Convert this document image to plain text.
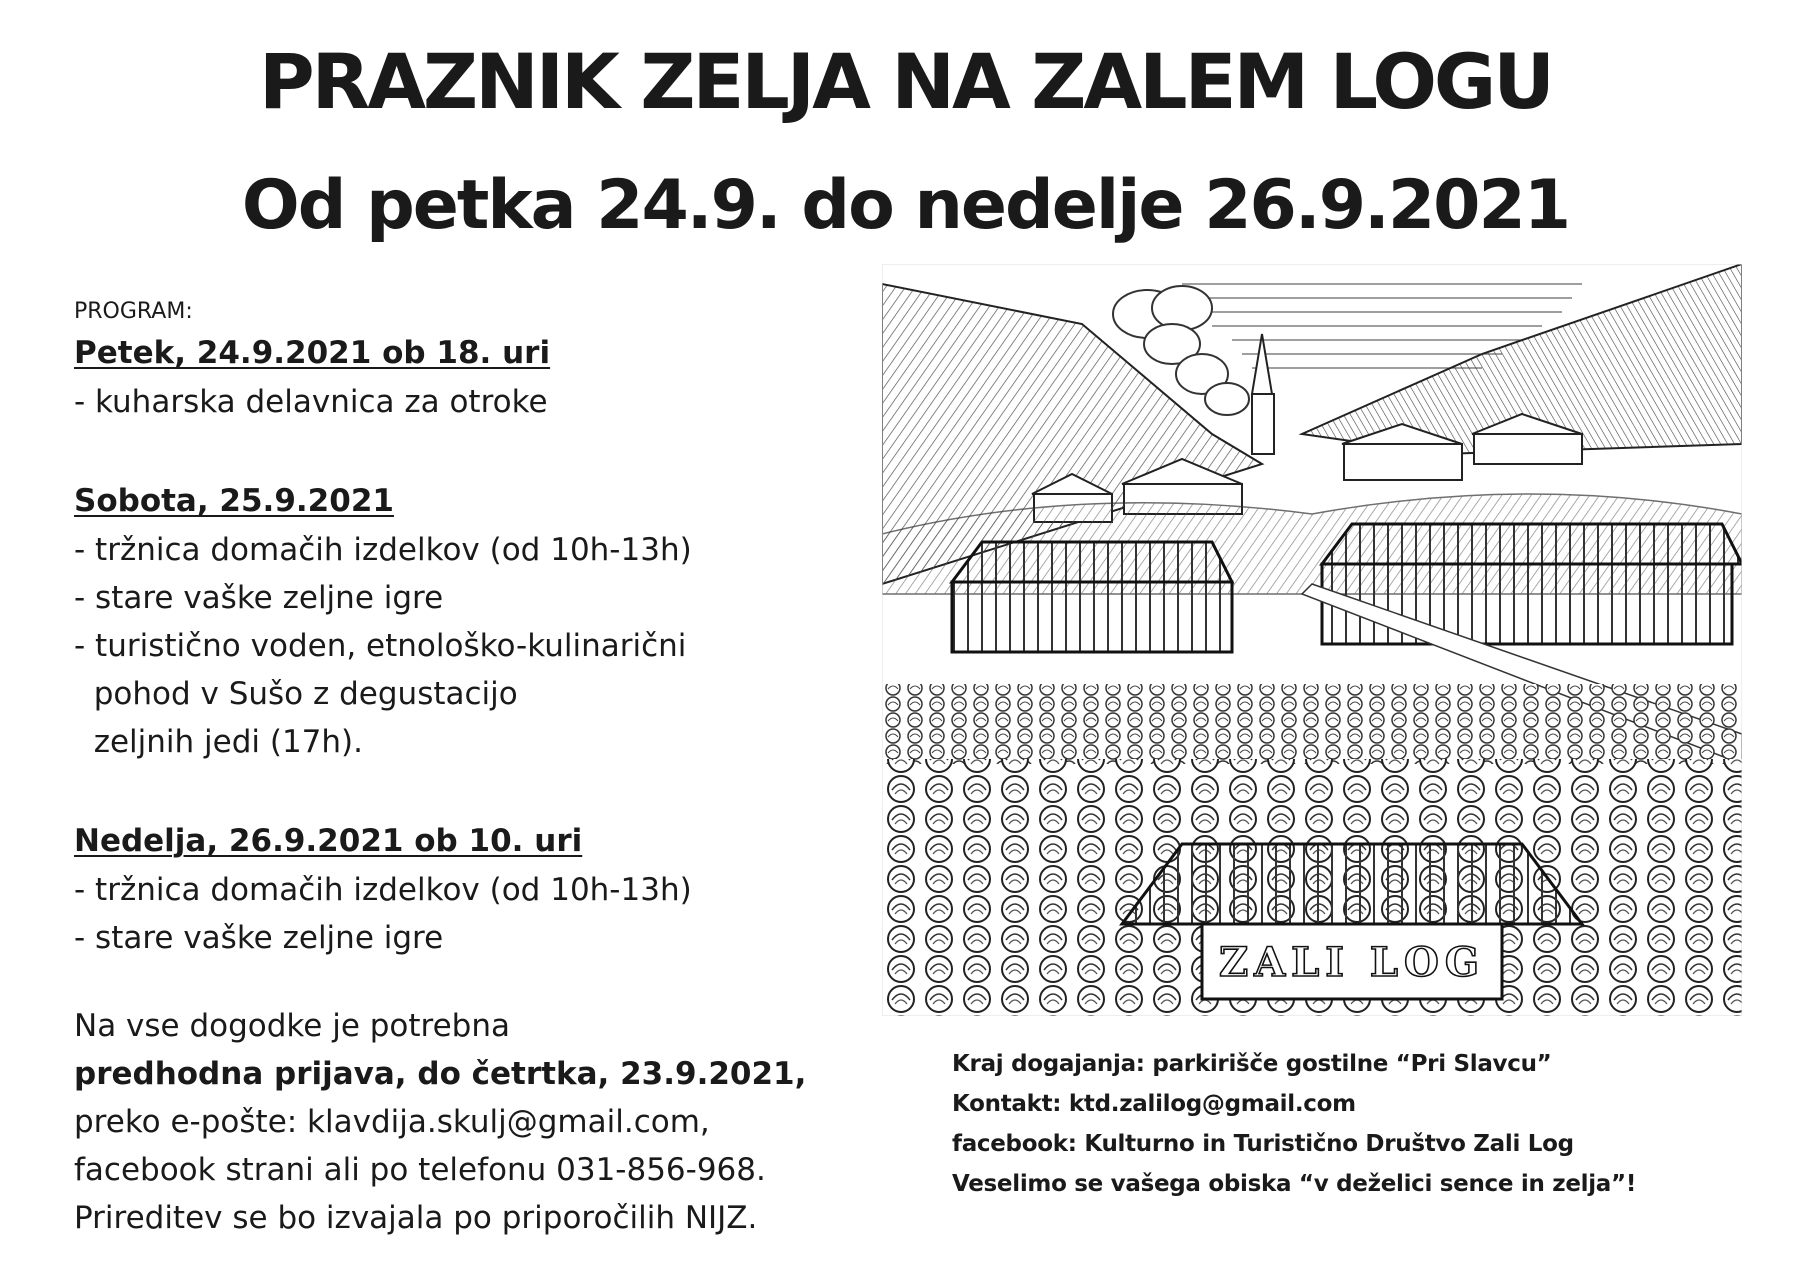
PRAZNIK ZELJA NA ZALEM LOGU
Od petka 24.9. do nedelje 26.9.2021
PROGRAM:
Petek, 24.9.2021 ob 18. uri
- kuharska delavnica za otroke
Sobota, 25.9.2021
- tržnica domačih izdelkov (od 10h-13h)
- stare vaške zeljne igre
- turistično voden, etnološko-kulinarični
pohod v Sušo z degustacijo
zeljnih jedi (17h).
Nedelja, 26.9.2021 ob 10. uri
- tržnica domačih izdelkov (od 10h-13h)
- stare vaške zeljne igre
Na vse dogodke je potrebna
predhodna prijava, do četrtka, 23.9.2021,
preko e-pošte: klavdija.skulj@gmail.com,
facebook strani ali po telefonu 031-856-968.
Prireditev se bo izvajala po priporočilih NIJZ.
ZALI LOG
Kraj dogajanja: parkirišče gostilne “Pri Slavcu”
Kontakt: ktd.zalilog@gmail.com
facebook: Kulturno in Turistično Društvo Zali Log
Veselimo se vašega obiska “v deželici sence in zelja”!
